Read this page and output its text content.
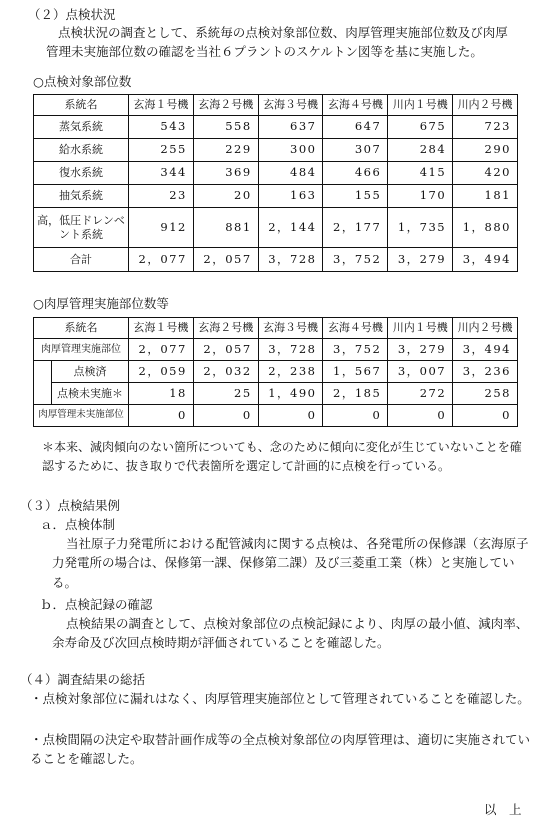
（２）点検状況
点検状況の調査として、系統毎の点検対象部位数、肉厚管理実施部位数及び肉厚管理未実施部位数の確認を当社６プラントのスケルトン図等を基に実施した。
○点検対象部位数
系統名	玄海１号機	玄海２号機	玄海３号機	玄海４号機	川内１号機	川内２号機
蒸気系統	543	558	637	647	675	723
給水系統	255	229	300	307	284	290
復水系統	344	369	484	466	415	420
抽気系統	23	20	163	155	170	181
高，低圧ドレンベント系統	912	881	2，144	2，177	1，735	1，880
合計	2，077	2，057	3，728	3，752	3，279	3，494
○肉厚管理実施部位数等
系統名		玄海１号機	玄海２号機	玄海３号機	玄海４号機	川内１号機	川内２号機
肉厚管理実施部位		2，077	2，057	3，728	3，752	3，279	3，494
	点検済	2，059	2，032	2，238	1，567	3，007	3，236
	点検未実施＊	18	25	1，490	2，185	272	258
肉厚管理未実施部位		0	0	0	0	0	0
＊本来、減肉傾向のない箇所についても、念のために傾向に変化が生じていないことを確認するために、抜き取りで代表箇所を選定して計画的に点検を行っている。
（３）点検結果例
ａ．点検体制
当社原子力発電所における配管減肉に関する点検は、各発電所の保修課（玄海原子力発電所の場合は、保修第一課、保修第二課）及び三菱重工業（株）と実施している。
ｂ．点検記録の確認
点検結果の調査として、点検対象部位の点検記録により、肉厚の最小値、減肉率、余寿命及び次回点検時期が評価されていることを確認した。
（４）調査結果の総括
・点検対象部位に漏れはなく、肉厚管理実施部位として管理されていることを確認した。
・点検間隔の決定や取替計画作成等の全点検対象部位の肉厚管理は、適切に実施されていることを確認した。
以　上
